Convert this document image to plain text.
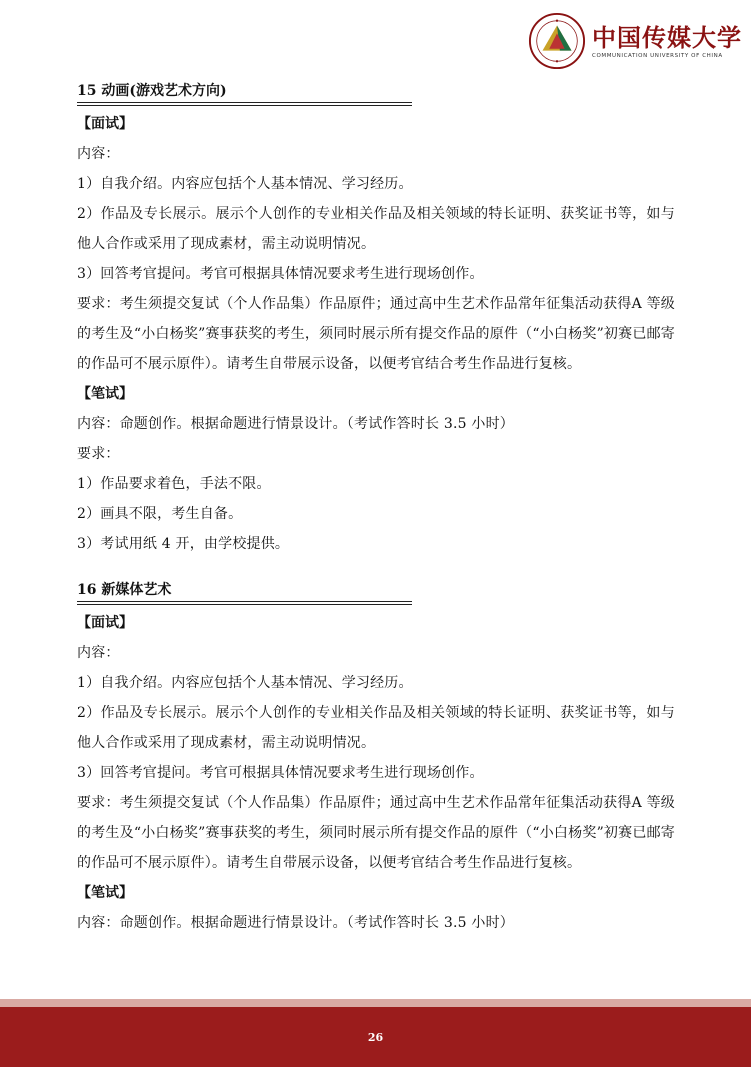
中国传媒大学
COMMUNICATION UNIVERSITY OF CHINA
15 动画(游戏艺术方向)
【面试】

内容：

1）自我介绍。内容应包括个人基本情况、学习经历。

2）作品及专长展示。展示个人创作的专业相关作品及相关领域的特长证明、获奖证书等，如与他人合作或采用了现成素材，需主动说明情况。

3）回答考官提问。考官可根据具体情况要求考生进行现场创作。

要求：考生须提交复试（个人作品集）作品原件；通过高中生艺术作品常年征集活动获得A 等级的考生及“小白杨奖”赛事获奖的考生，须同时展示所有提交作品的原件（“小白杨奖”初赛已邮寄的作品可不展示原件）。请考生自带展示设备，以便考官结合考生作品进行复核。

【笔试】

内容：命题创作。根据命题进行情景设计。（考试作答时长 3.5 小时）

要求：

1）作品要求着色，手法不限。

2）画具不限，考生自备。

3）考试用纸 4 开，由学校提供。

16 新媒体艺术
【面试】

内容：

1）自我介绍。内容应包括个人基本情况、学习经历。

2）作品及专长展示。展示个人创作的专业相关作品及相关领域的特长证明、获奖证书等，如与他人合作或采用了现成素材，需主动说明情况。

3）回答考官提问。考官可根据具体情况要求考生进行现场创作。

要求：考生须提交复试（个人作品集）作品原件；通过高中生艺术作品常年征集活动获得A 等级的考生及“小白杨奖”赛事获奖的考生，须同时展示所有提交作品的原件（“小白杨奖”初赛已邮寄的作品可不展示原件）。请考生自带展示设备，以便考官结合考生作品进行复核。

【笔试】

内容：命题创作。根据命题进行情景设计。（考试作答时长 3.5 小时）

26
